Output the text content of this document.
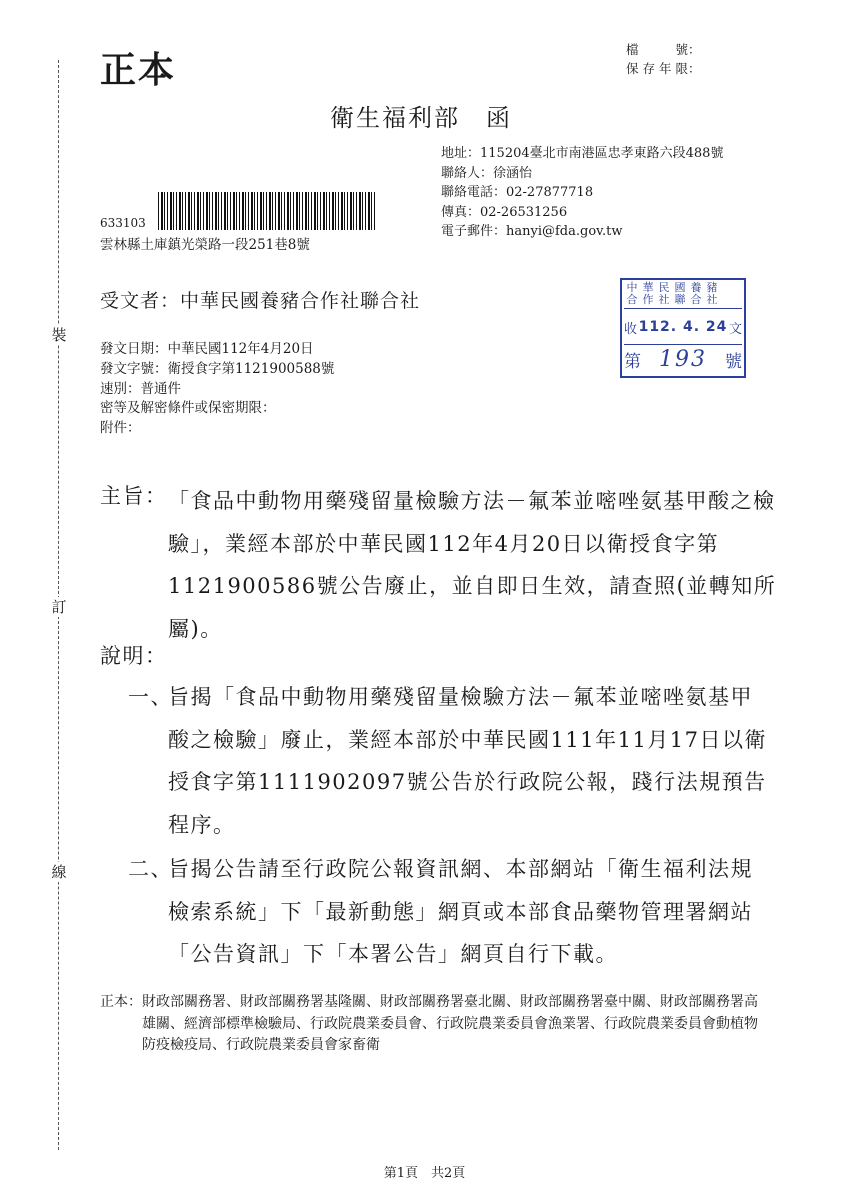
裝
訂
線
正本	檔 號 ：
保存年限 ：
衛生福利部　函
地址：115204臺北市南港區忠孝東路六段488號
聯絡人：徐涵怡
聯絡電話：02-27877718
傳真：02-26531256
電子郵件：hanyi@fda.gov.tw
633103
雲林縣土庫鎮光榮路一段251巷8號
受文者：中華民國養豬合作社聯合社
發文日期：中華民國112年4月20日
發文字號：衛授食字第1121900588號
速別：普通件
密等及解密條件或保密期限：
附件：
中
合
華
作
民
社
國
聯
養
合
豬
社
收 112. 4. 24 文
第 193	號
主旨： 「食品中動物用藥殘留量檢驗方法－氟苯並嘧唑氨基甲酸之檢驗」，業經本部於中華民國112年4月20日以衛授食字第1121900586號公告廢止，並自即日生效，請查照(並轉知所屬)。
說明：
一、
旨揭「食品中動物用藥殘留量檢驗方法－氟苯並嘧唑氨基甲酸之檢驗」廢止，業經本部於中華民國111年11月17日以衛授食字第1111902097號公告於行政院公報，踐行法規預告程序。
二、
旨揭公告請至行政院公報資訊網、本部網站「衛生福利法規檢索系統」下「最新動態」網頁或本部食品藥物管理署網站「公告資訊」下「本署公告」網頁自行下載。
正本： 財政部關務署、財政部關務署基隆關、財政部關務署臺北關、財政部關務署臺中關、財政部關務署高雄關、經濟部標準檢驗局、行政院農業委員會、行政院農業委員會漁業署、行政院農業委員會動植物防疫檢疫局、行政院農業委員會家畜衛
第1頁　共2頁
